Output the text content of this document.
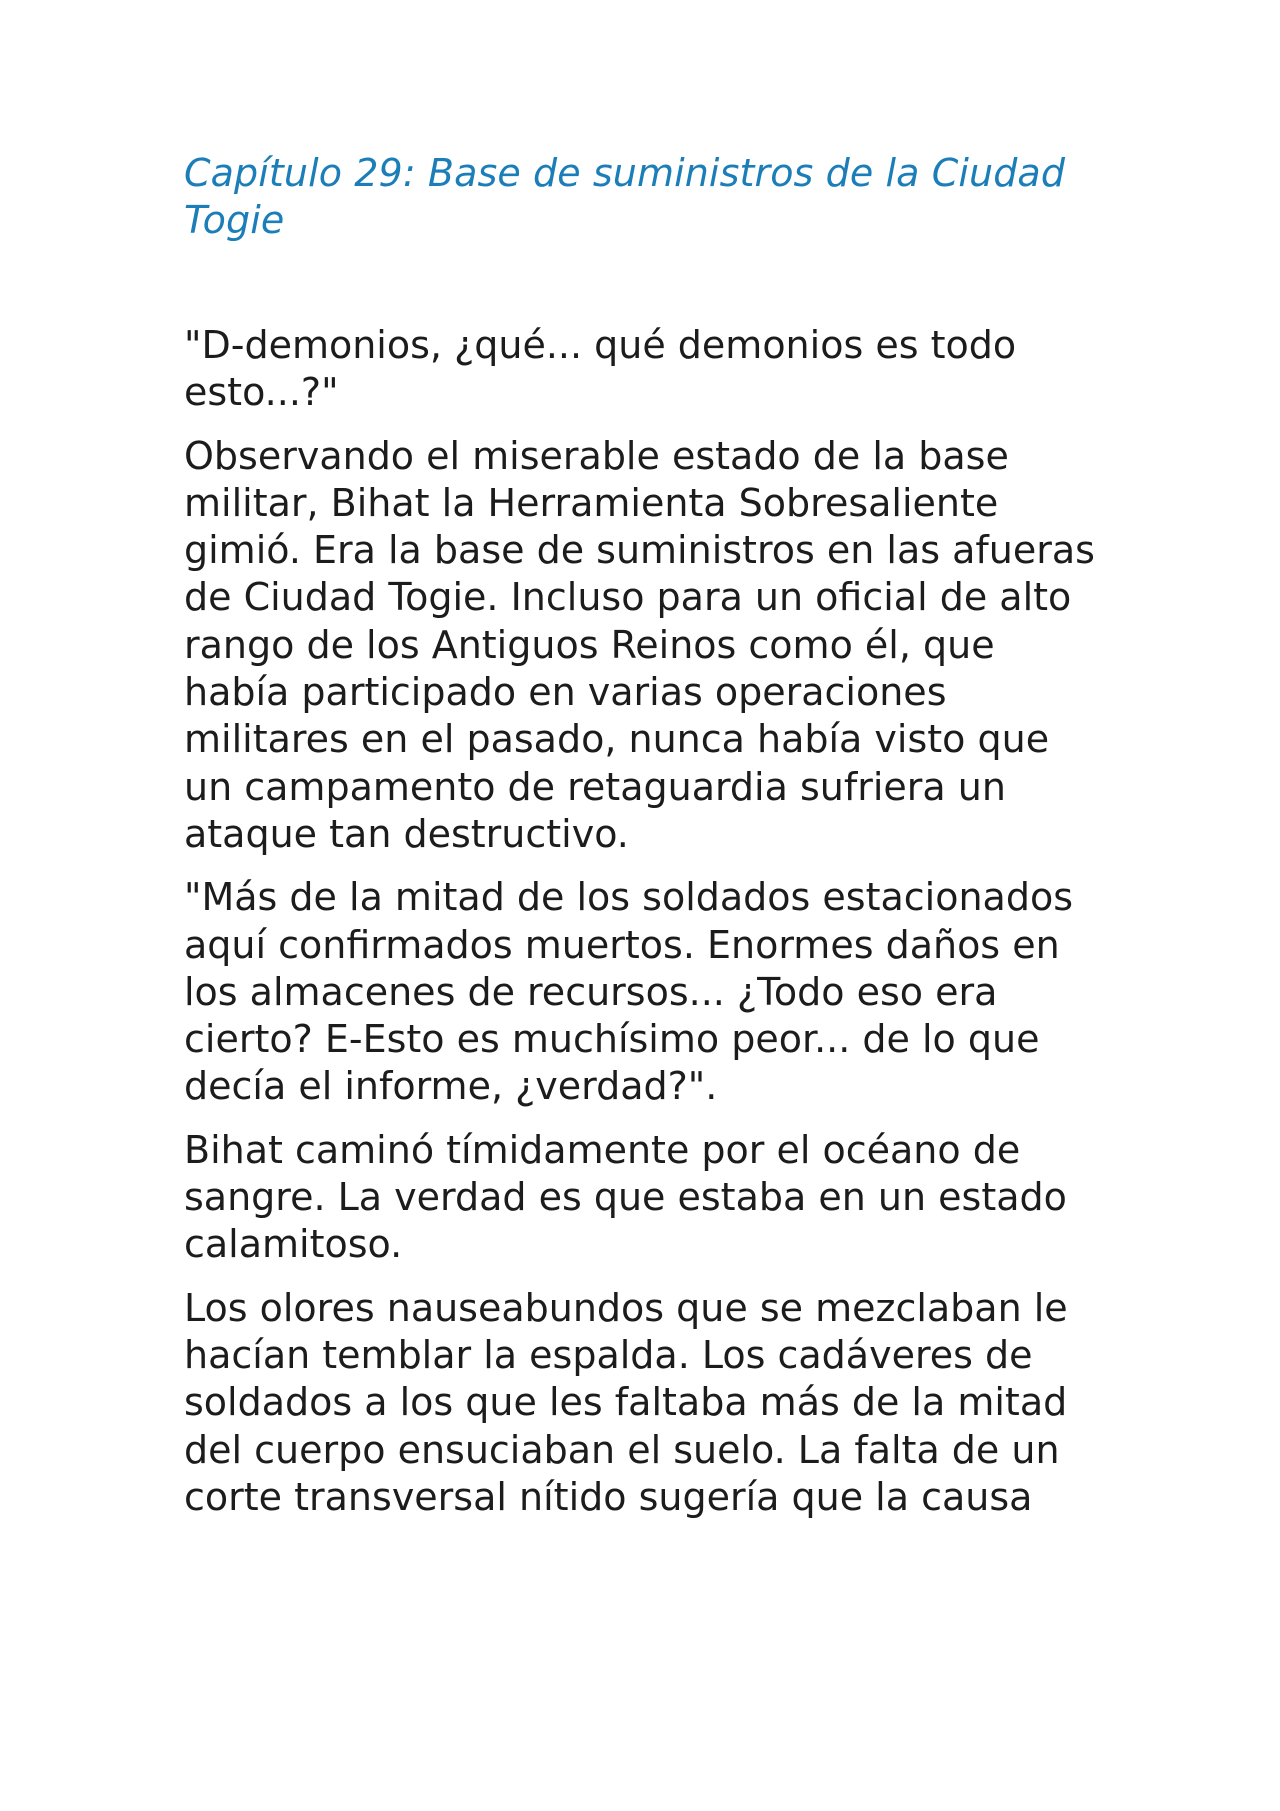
Capítulo 29: Base de suministros de la Ciudad Togie

"D-demonios, ¿qué... qué demonios es todo esto...?"

Observando el miserable estado de la base militar, Bihat la Herramienta Sobresaliente gimió. Era la base de suministros en las afueras de Ciudad Togie. Incluso para un oficial de alto rango de los Antiguos Reinos como él, que había participado en varias operaciones militares en el pasado, nunca había visto que un campamento de retaguardia sufriera un ataque tan destructivo.

"Más de la mitad de los soldados estacionados aquí confirmados muertos. Enormes daños en los almacenes de recursos... ¿Todo eso era cierto? E-Esto es muchísimo peor... de lo que decía el informe, ¿verdad?".

Bihat caminó tímidamente por el océano de sangre. La verdad es que estaba en un estado calamitoso.

Los olores nauseabundos que se mezclaban le hacían temblar la espalda. Los cadáveres de soldados a los que les faltaba más de la mitad del cuerpo ensuciaban el suelo. La falta de un corte transversal nítido sugería que la causa
